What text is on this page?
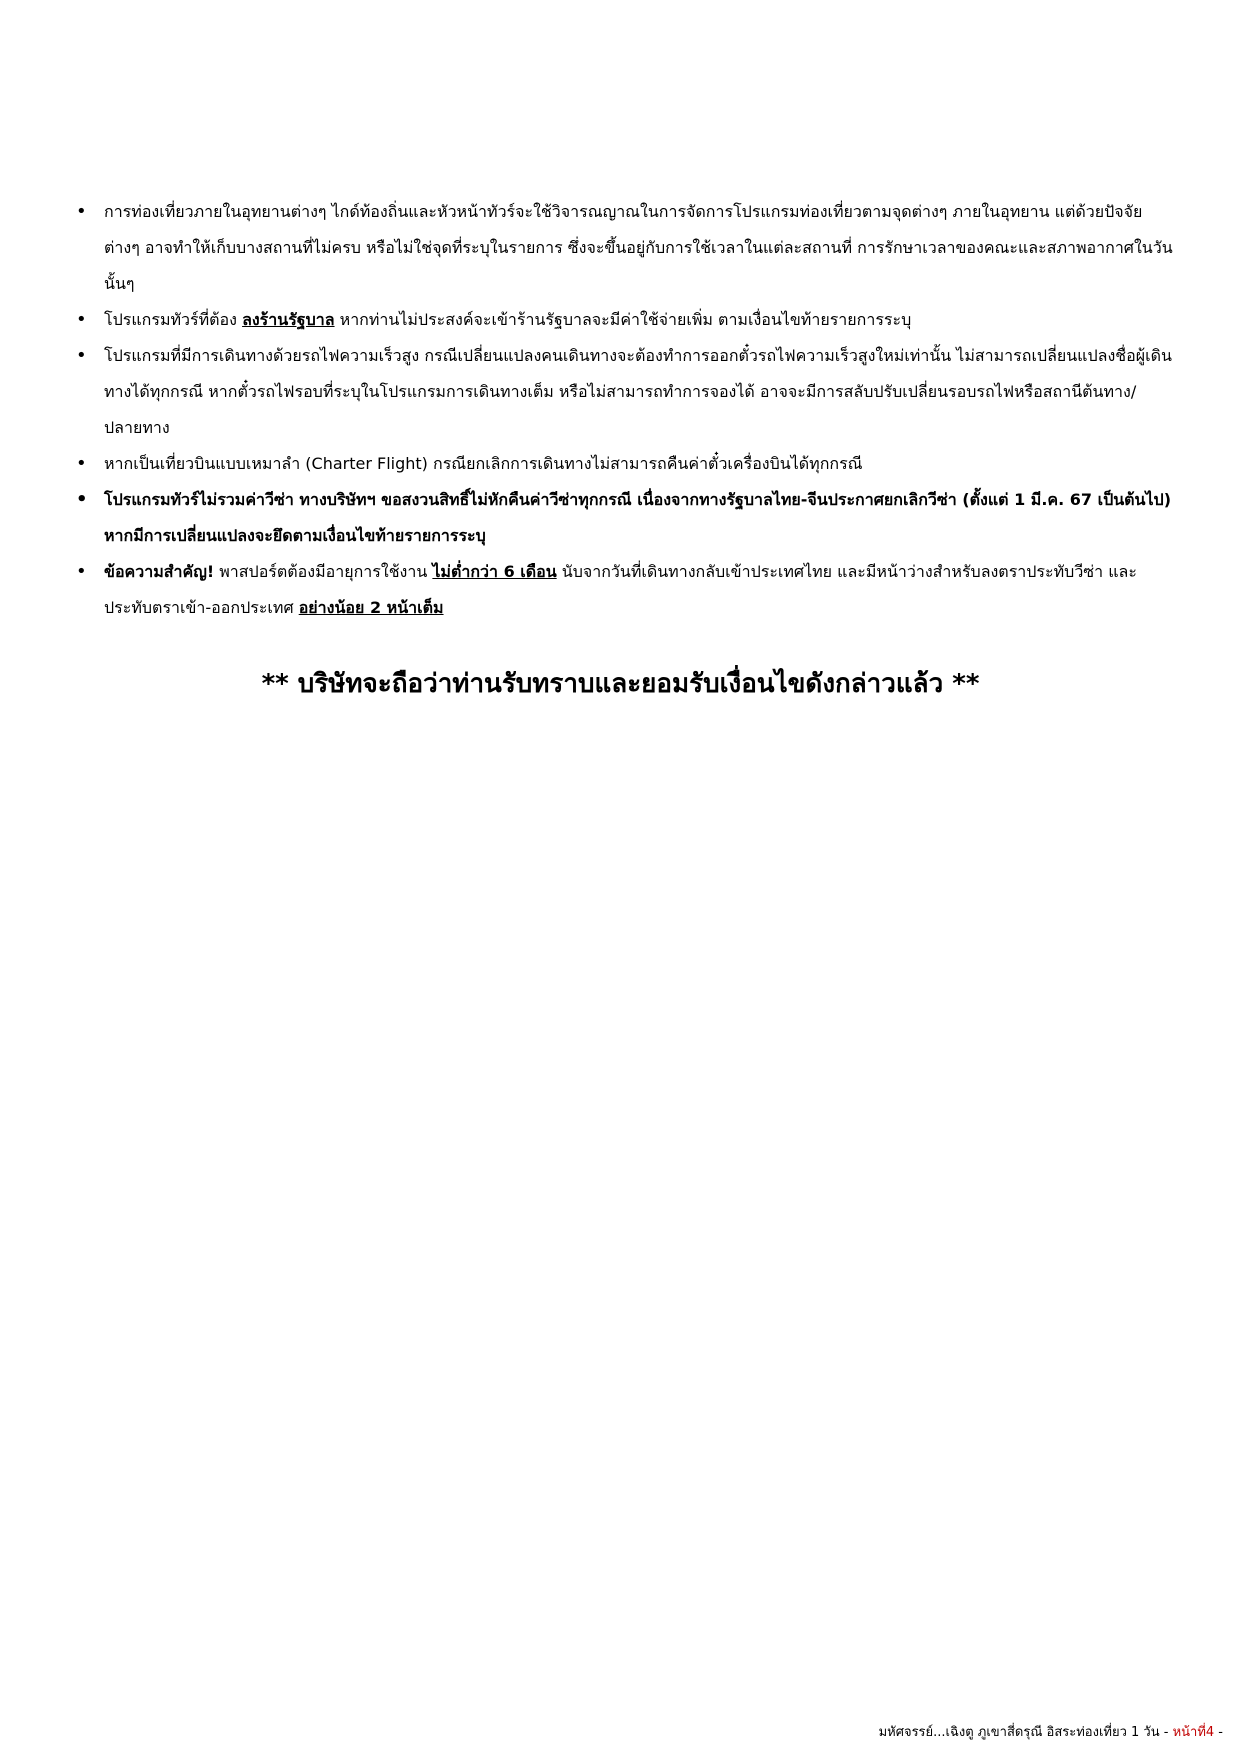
• การท่องเที่ยวภายในอุทยานต่างๆ ไกด์ท้องถิ่นและหัวหน้าทัวร์จะใช้วิจารณญาณในการจัดการโปรแกรมท่องเที่ยวตามจุดต่างๆ ภายในอุทยาน แต่ด้วยปัจจัยต่างๆ อาจทำให้เก็บบางสถานที่ไม่ครบ หรือไม่ใช่จุดที่ระบุในรายการ ซึ่งจะขึ้นอยู่กับการใช้เวลาในแต่ละสถานที่ การรักษาเวลาของคณะและสภาพอากาศในวันนั้นๆ
• โปรแกรมทัวร์ที่ต้อง ลงร้านรัฐบาล หากท่านไม่ประสงค์จะเข้าร้านรัฐบาลจะมีค่าใช้จ่ายเพิ่ม ตามเงื่อนไขท้ายรายการระบุ
• โปรแกรมที่มีการเดินทางด้วยรถไฟความเร็วสูง กรณีเปลี่ยนแปลงคนเดินทางจะต้องทำการออกตั๋วรถไฟความเร็วสูงใหม่เท่านั้น ไม่สามารถเปลี่ยนแปลงชื่อผู้เดินทางได้ทุกกรณี หากตั๋วรถไฟรอบที่ระบุในโปรแกรมการเดินทางเต็ม หรือไม่สามารถทำการจองได้ อาจจะมีการสลับปรับเปลี่ยนรอบรถไฟหรือสถานีต้นทาง/ปลายทาง
• หากเป็นเที่ยวบินแบบเหมาลำ (Charter Flight) กรณียกเลิกการเดินทางไม่สามารถคืนค่าตั๋วเครื่องบินได้ทุกกรณี
• โปรแกรมทัวร์ไม่รวมค่าวีซ่า ทางบริษัทฯ ขอสงวนสิทธิ์ไม่หักคืนค่าวีซ่าทุกกรณี เนื่องจากทางรัฐบาลไทย-จีนประกาศยกเลิกวีซ่า (ตั้งแต่ 1 มี.ค. 67 เป็นต้นไป) หากมีการเปลี่ยนแปลงจะยึดตามเงื่อนไขท้ายรายการระบุ
• ข้อความสำคัญ! พาสปอร์ตต้องมีอายุการใช้งาน ไม่ต่ำกว่า 6 เดือน นับจากวันที่เดินทางกลับเข้าประเทศไทย และมีหน้าว่างสำหรับลงตราประทับวีซ่า และประทับตราเข้า-ออกประเทศ อย่างน้อย 2 หน้าเต็ม
** บริษัทจะถือว่าท่านรับทราบและยอมรับเงื่อนไขดังกล่าวแล้ว **
มหัศจรรย์...เฉิงตู ภูเขาสี่ดรุณี อิสระท่องเที่ยว 1 วัน - หน้าที่4 -
